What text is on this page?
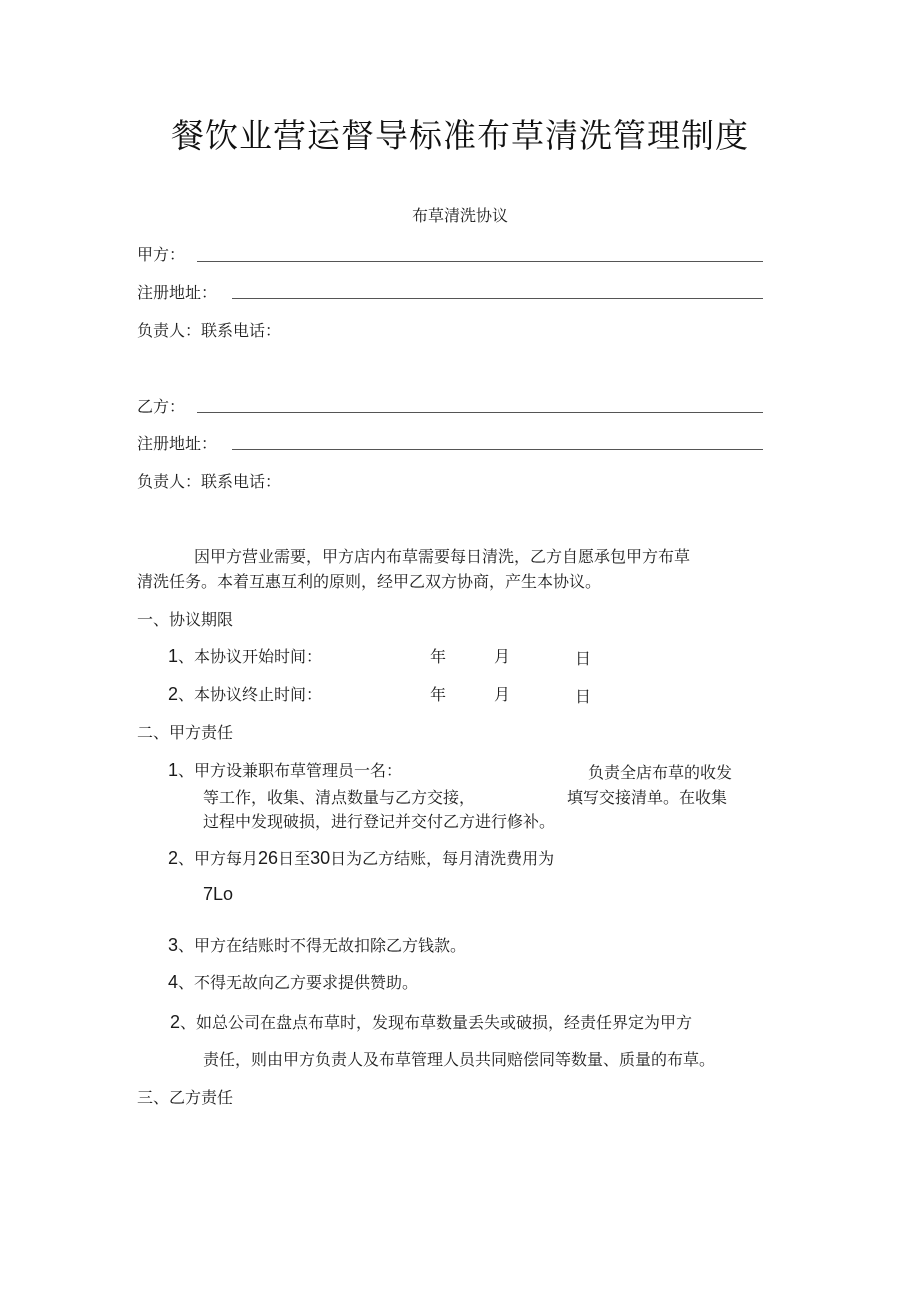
餐饮业营运督导标准布草清洗管理制度
布草清洗协议
甲方：
注册地址：
负责人：联系电话：
乙方：
注册地址：
负责人：联系电话：
因甲方营业需要，甲方店内布草需要每日清洗，乙方自愿承包甲方布草
清洗任务。本着互惠互利的原则，经甲乙双方协商，产生本协议。
一、协议期限
1、本协议开始时间：	年	月	日
2、本协议终止时间：	年	月	日
二、甲方责任
1、甲方设兼职布草管理员一名：	负责全店布草的收发
等工作，收集、清点数量与乙方交接，	填写交接清单。在收集
过程中发现破损，进行登记并交付乙方进行修补。
2、甲方每月26日至30日为乙方结账，每月清洗费用为
7Lo
3、甲方在结账时不得无故扣除乙方钱款。
4、不得无故向乙方要求提供赞助。
2、如总公司在盘点布草时，发现布草数量丢失或破损，经责任界定为甲方
责任，则由甲方负责人及布草管理人员共同赔偿同等数量、质量的布草。
三、乙方责任
